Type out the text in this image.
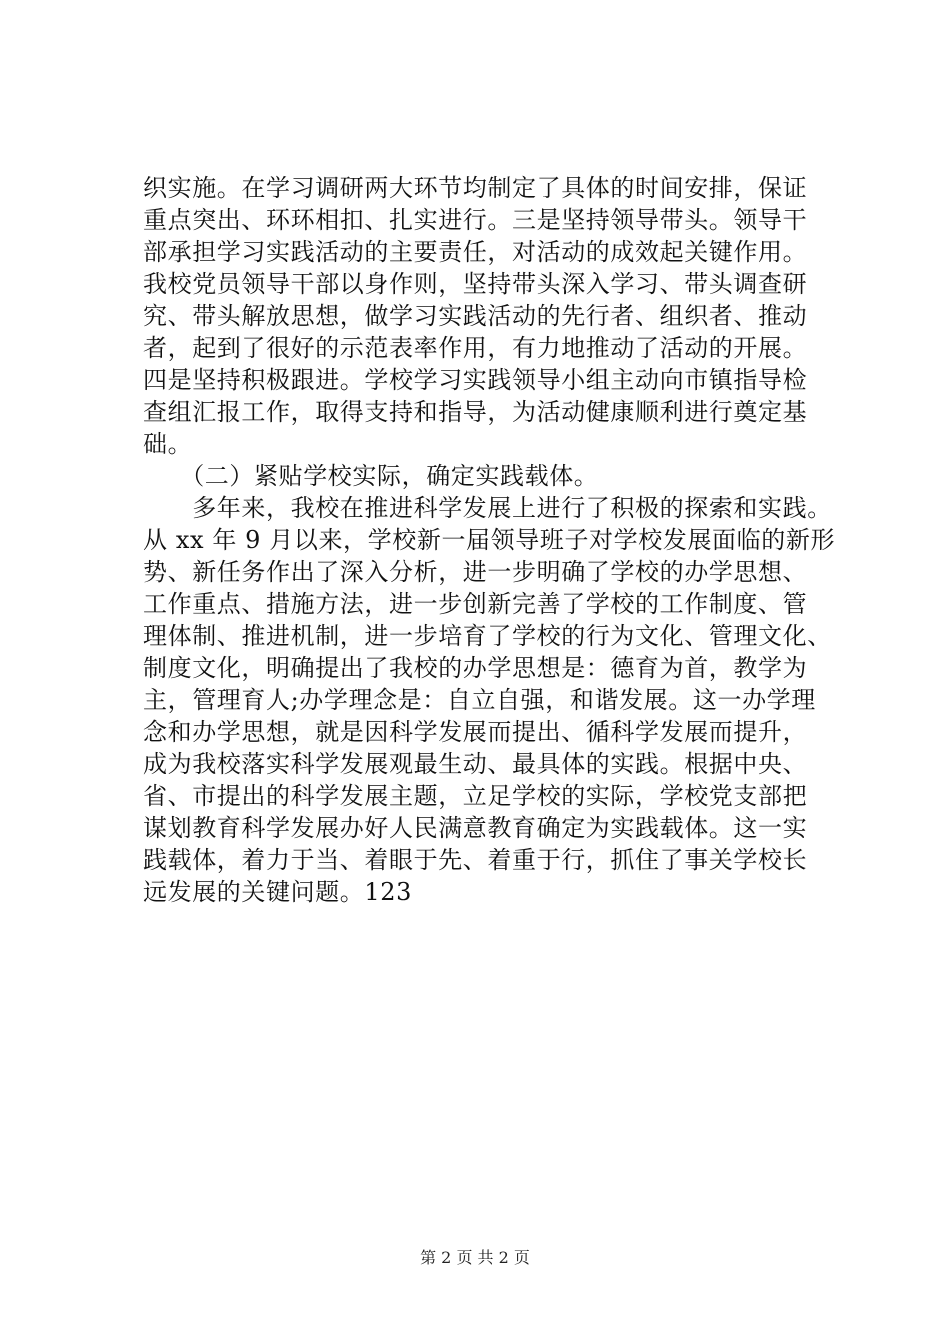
织实施。在学习调研两大环节均制定了具体的时间安排，保证
重点突出、环环相扣、扎实进行。三是坚持领导带头。领导干
部承担学习实践活动的主要责任，对活动的成效起关键作用。
我校党员领导干部以身作则，坚持带头深入学习、带头调查研
究、带头解放思想，做学习实践活动的先行者、组织者、推动
者，起到了很好的示范表率作用，有力地推动了活动的开展。
四是坚持积极跟进。学校学习实践领导小组主动向市镇指导检
查组汇报工作，取得支持和指导，为活动健康顺利进行奠定基
础。
　　（二）紧贴学校实际，确定实践载体。
　　多年来，我校在推进科学发展上进行了积极的探索和实践。
从 xx 年 9 月以来，学校新一届领导班子对学校发展面临的新形
势、新任务作出了深入分析，进一步明确了学校的办学思想、
工作重点、措施方法，进一步创新完善了学校的工作制度、管
理体制、推进机制，进一步培育了学校的行为文化、管理文化、
制度文化，明确提出了我校的办学思想是：德育为首，教学为
主，管理育人;办学理念是：自立自强，和谐发展。这一办学理
念和办学思想，就是因科学发展而提出、循科学发展而提升，
成为我校落实科学发展观最生动、最具体的实践。根据中央、
省、市提出的科学发展主题，立足学校的实际，学校党支部把
谋划教育科学发展办好人民满意教育确定为实践载体。这一实
践载体，着力于当、着眼于先、着重于行，抓住了事关学校长
远发展的关键问题。123
第 2 页 共 2 页
